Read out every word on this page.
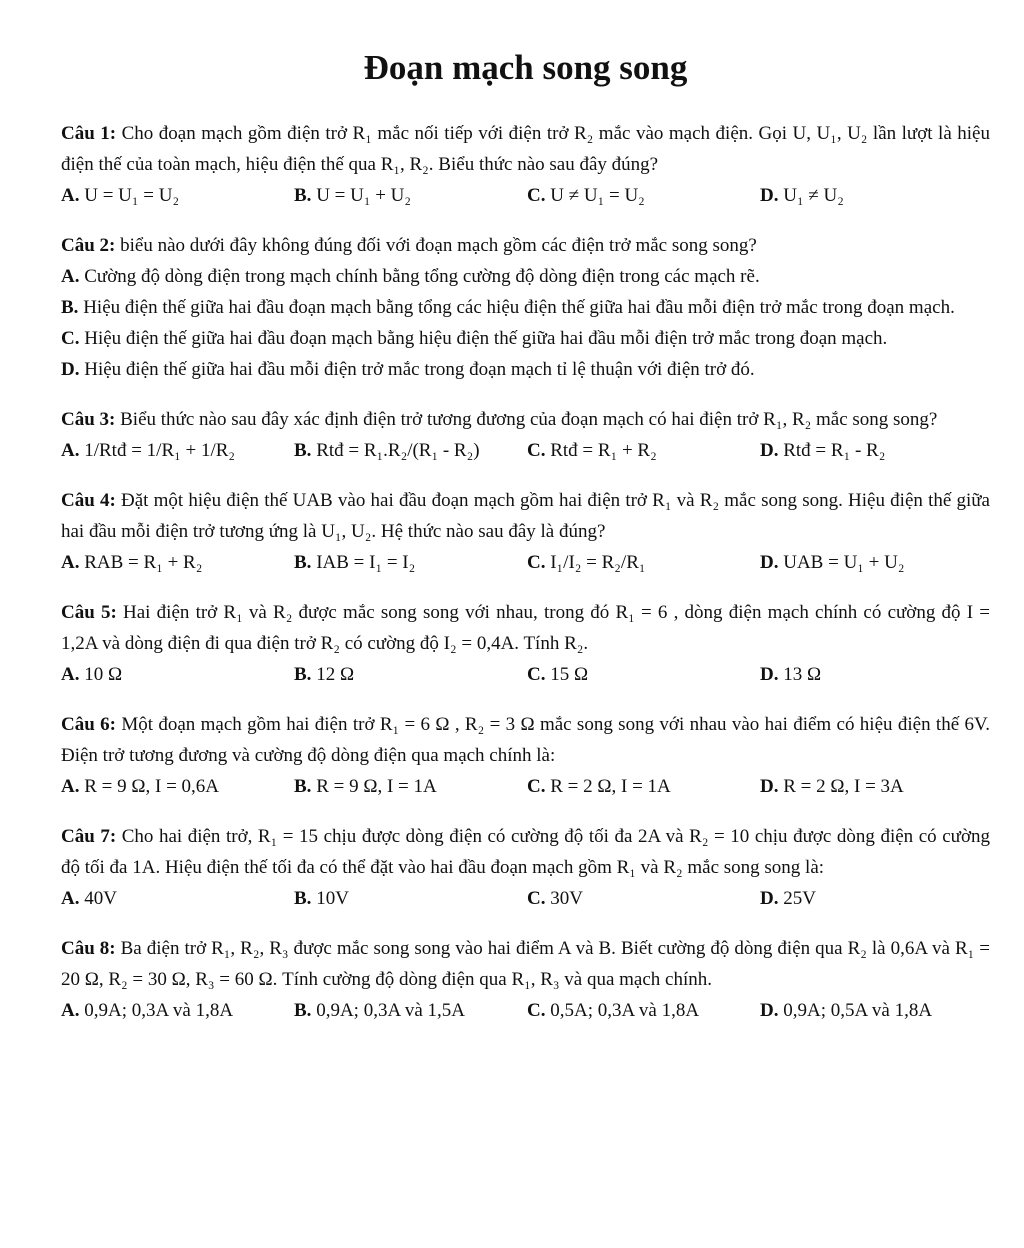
Đoạn mạch song song
Câu 1: Cho đoạn mạch gồm điện trở R₁ mắc nối tiếp với điện trở R₂ mắc vào mạch điện. Gọi U, U₁, U₂ lần lượt là hiệu điện thế của toàn mạch, hiệu điện thế qua R₁, R₂. Biểu thức nào sau đây đúng?
A. U = U₁ = U₂	B. U = U₁ + U₂	C. U ≠ U₁ = U₂	D. U₁ ≠ U₂
Câu 2: biểu nào dưới đây không đúng đối với đoạn mạch gồm các điện trở mắc song song?
A. Cường độ dòng điện trong mạch chính bằng tổng cường độ dòng điện trong các mạch rẽ.
B. Hiệu điện thế giữa hai đầu đoạn mạch bằng tổng các hiệu điện thế giữa hai đầu mỗi điện trở mắc trong đoạn mạch.
C. Hiệu điện thế giữa hai đầu đoạn mạch bằng hiệu điện thế giữa hai đầu mỗi điện trở mắc trong đoạn mạch.
D. Hiệu điện thế giữa hai đầu mỗi điện trở mắc trong đoạn mạch tỉ lệ thuận với điện trở đó.
Câu 3: Biểu thức nào sau đây xác định điện trở tương đương của đoạn mạch có hai điện trở R₁, R₂ mắc song song?
A. 1/Rtđ = 1/R₁ + 1/R₂	B. Rtđ = R₁.R₂/(R₁ - R₂)	C. Rtđ = R₁ + R₂	D. Rtđ = R₁ - R₂
Câu 4: Đặt một hiệu điện thế UAB vào hai đầu đoạn mạch gồm hai điện trở R₁ và R₂ mắc song song. Hiệu điện thế giữa hai đầu mỗi điện trở tương ứng là U₁, U₂. Hệ thức nào sau đây là đúng?
A. RAB = R₁ + R₂	B. IAB = I₁ = I₂	C. I₁/I₂ = R₂/R₁	D. UAB = U₁ + U₂
Câu 5: Hai điện trở R₁ và R₂ được mắc song song với nhau, trong đó R₁ = 6 , dòng điện mạch chính có cường độ I = 1,2A và dòng điện đi qua điện trở R₂ có cường độ I₂ = 0,4A. Tính R₂.
A. 10 Ω	B. 12 Ω	C. 15 Ω	D. 13 Ω
Câu 6: Một đoạn mạch gồm hai điện trở R₁ = 6 Ω , R₂ = 3 Ω mắc song song với nhau vào hai điểm có hiệu điện thế 6V. Điện trở tương đương và cường độ dòng điện qua mạch chính là:
A. R = 9 Ω, I = 0,6A	B. R = 9 Ω, I = 1A	C. R = 2 Ω, I = 1A	D. R = 2 Ω, I = 3A
Câu 7: Cho hai điện trở, R₁ = 15 chịu được dòng điện có cường độ tối đa 2A và R₂ = 10 chịu được dòng điện có cường độ tối đa 1A. Hiệu điện thế tối đa có thể đặt vào hai đầu đoạn mạch gồm R₁ và R₂ mắc song song là:
A. 40V	B. 10V	C. 30V	D. 25V
Câu 8: Ba điện trở R₁, R₂, R₃ được mắc song song vào hai điểm A và B. Biết cường độ dòng điện qua R₂ là 0,6A và R₁ = 20 Ω, R₂ = 30 Ω, R₃ = 60 Ω. Tính cường độ dòng điện qua R₁, R₃ và qua mạch chính.
A. 0,9A; 0,3A và 1,8A	B. 0,9A; 0,3A và 1,5A	C. 0,5A; 0,3A và 1,8A	D. 0,9A; 0,5A và 1,8A
